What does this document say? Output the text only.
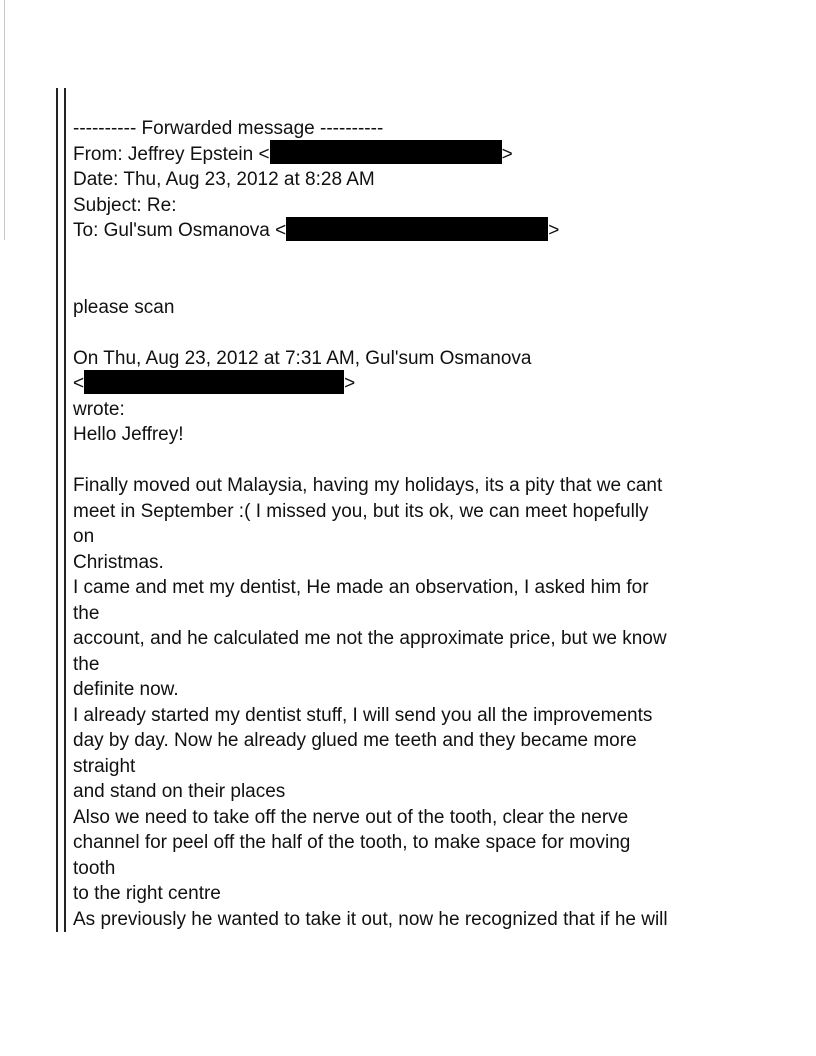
---------- Forwarded message ----------
From: Jeffrey Epstein <	>
Date: Thu, Aug 23, 2012 at 8:28 AM
Subject: Re:
To: Gul'sum Osmanova <	>
please scan
On Thu, Aug 23, 2012 at 7:31 AM, Gul'sum Osmanova
<	>
wrote:
Hello Jeffrey!
Finally moved out Malaysia, having my holidays, its a pity that we cant
meet in September :( I missed you, but its ok, we can meet hopefully
on
Christmas.
I came and met my dentist, He made an observation, I asked him for
the
account, and he calculated me not the approximate price, but we know
the
definite now.
I already started my dentist stuff, I will send you all the improvements
day by day. Now he already glued me teeth and they became more
straight
and stand on their places
Also we need to take off the nerve out of the tooth, clear the nerve
channel for peel off the half of the tooth, to make space for moving
tooth
to the right centre
As previously he wanted to take it out, now he recognized that if he will
